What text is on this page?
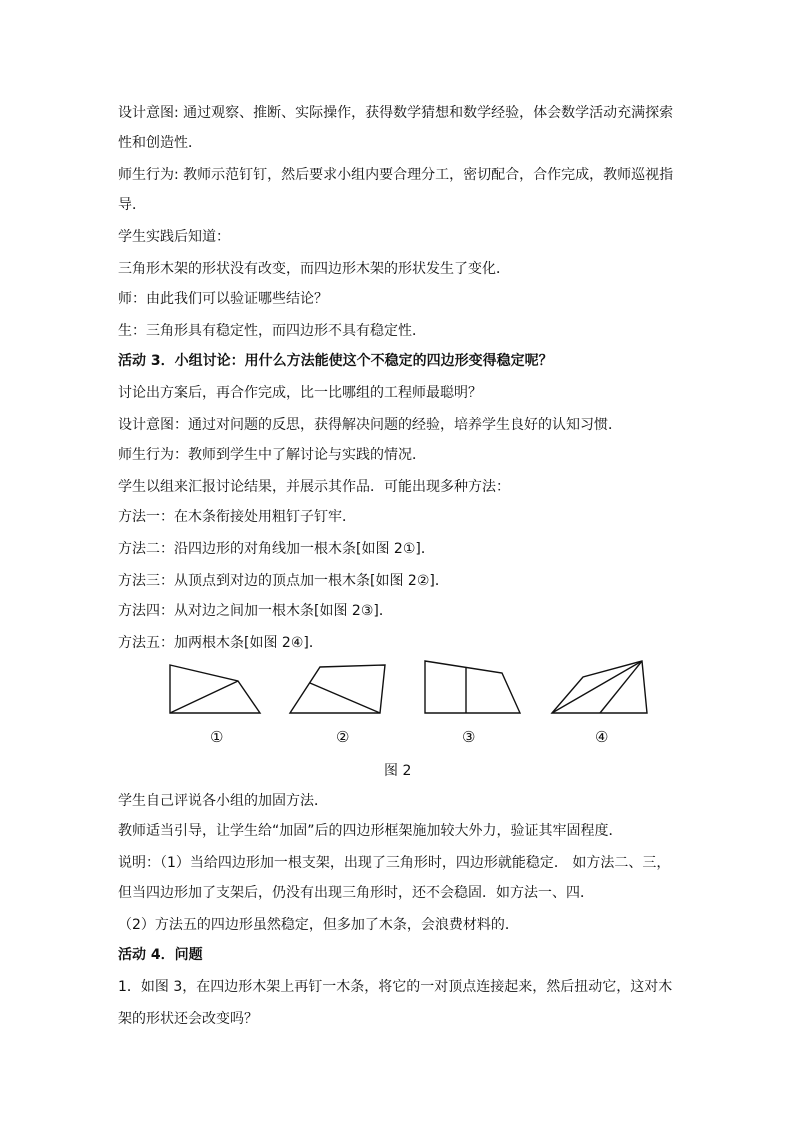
设计意图: 通过观察、推断、实际操作，获得数学猜想和数学经验，体会数学活动充满探索
性和创造性．
师生行为: 教师示范钉钉，然后要求小组内要合理分工，密切配合，合作完成，教师巡视指
导．
学生实践后知道：
三角形木架的形状没有改变，而四边形木架的形状发生了变化．
师：由此我们可以验证哪些结论？
生：三角形具有稳定性，而四边形不具有稳定性．
活动 3．小组讨论：用什么方法能使这个不稳定的四边形变得稳定呢？
讨论出方案后，再合作完成，比一比哪组的工程师最聪明？
设计意图：通过对问题的反思，获得解决问题的经验，培养学生良好的认知习惯．
师生行为：教师到学生中了解讨论与实践的情况．
学生以组来汇报讨论结果，并展示其作品．可能出现多种方法：
方法一：在木条衔接处用粗钉子钉牢．
方法二：沿四边形的对角线加一根木条[如图 2①]．
方法三：从顶点到对边的顶点加一根木条[如图 2②]．
方法四：从对边之间加一根木条[如图 2③]．
方法五：加两根木条[如图 2④]．
①	②	③	④
图 2
学生自己评说各小组的加固方法．
教师适当引导，让学生给“加固”后的四边形框架施加较大外力，验证其牢固程度．
说明：（1）当给四边形加一根支架，出现了三角形时，四边形就能稳定． 如方法二、三，
但当四边形加了支架后，仍没有出现三角形时，还不会稳固．如方法一、四．
（2）方法五的四边形虽然稳定，但多加了木条，会浪费材料的．
活动 4．问题
1．如图 3，在四边形木架上再钉一木条，将它的一对顶点连接起来，然后扭动它，这对木
架的形状还会改变吗？
